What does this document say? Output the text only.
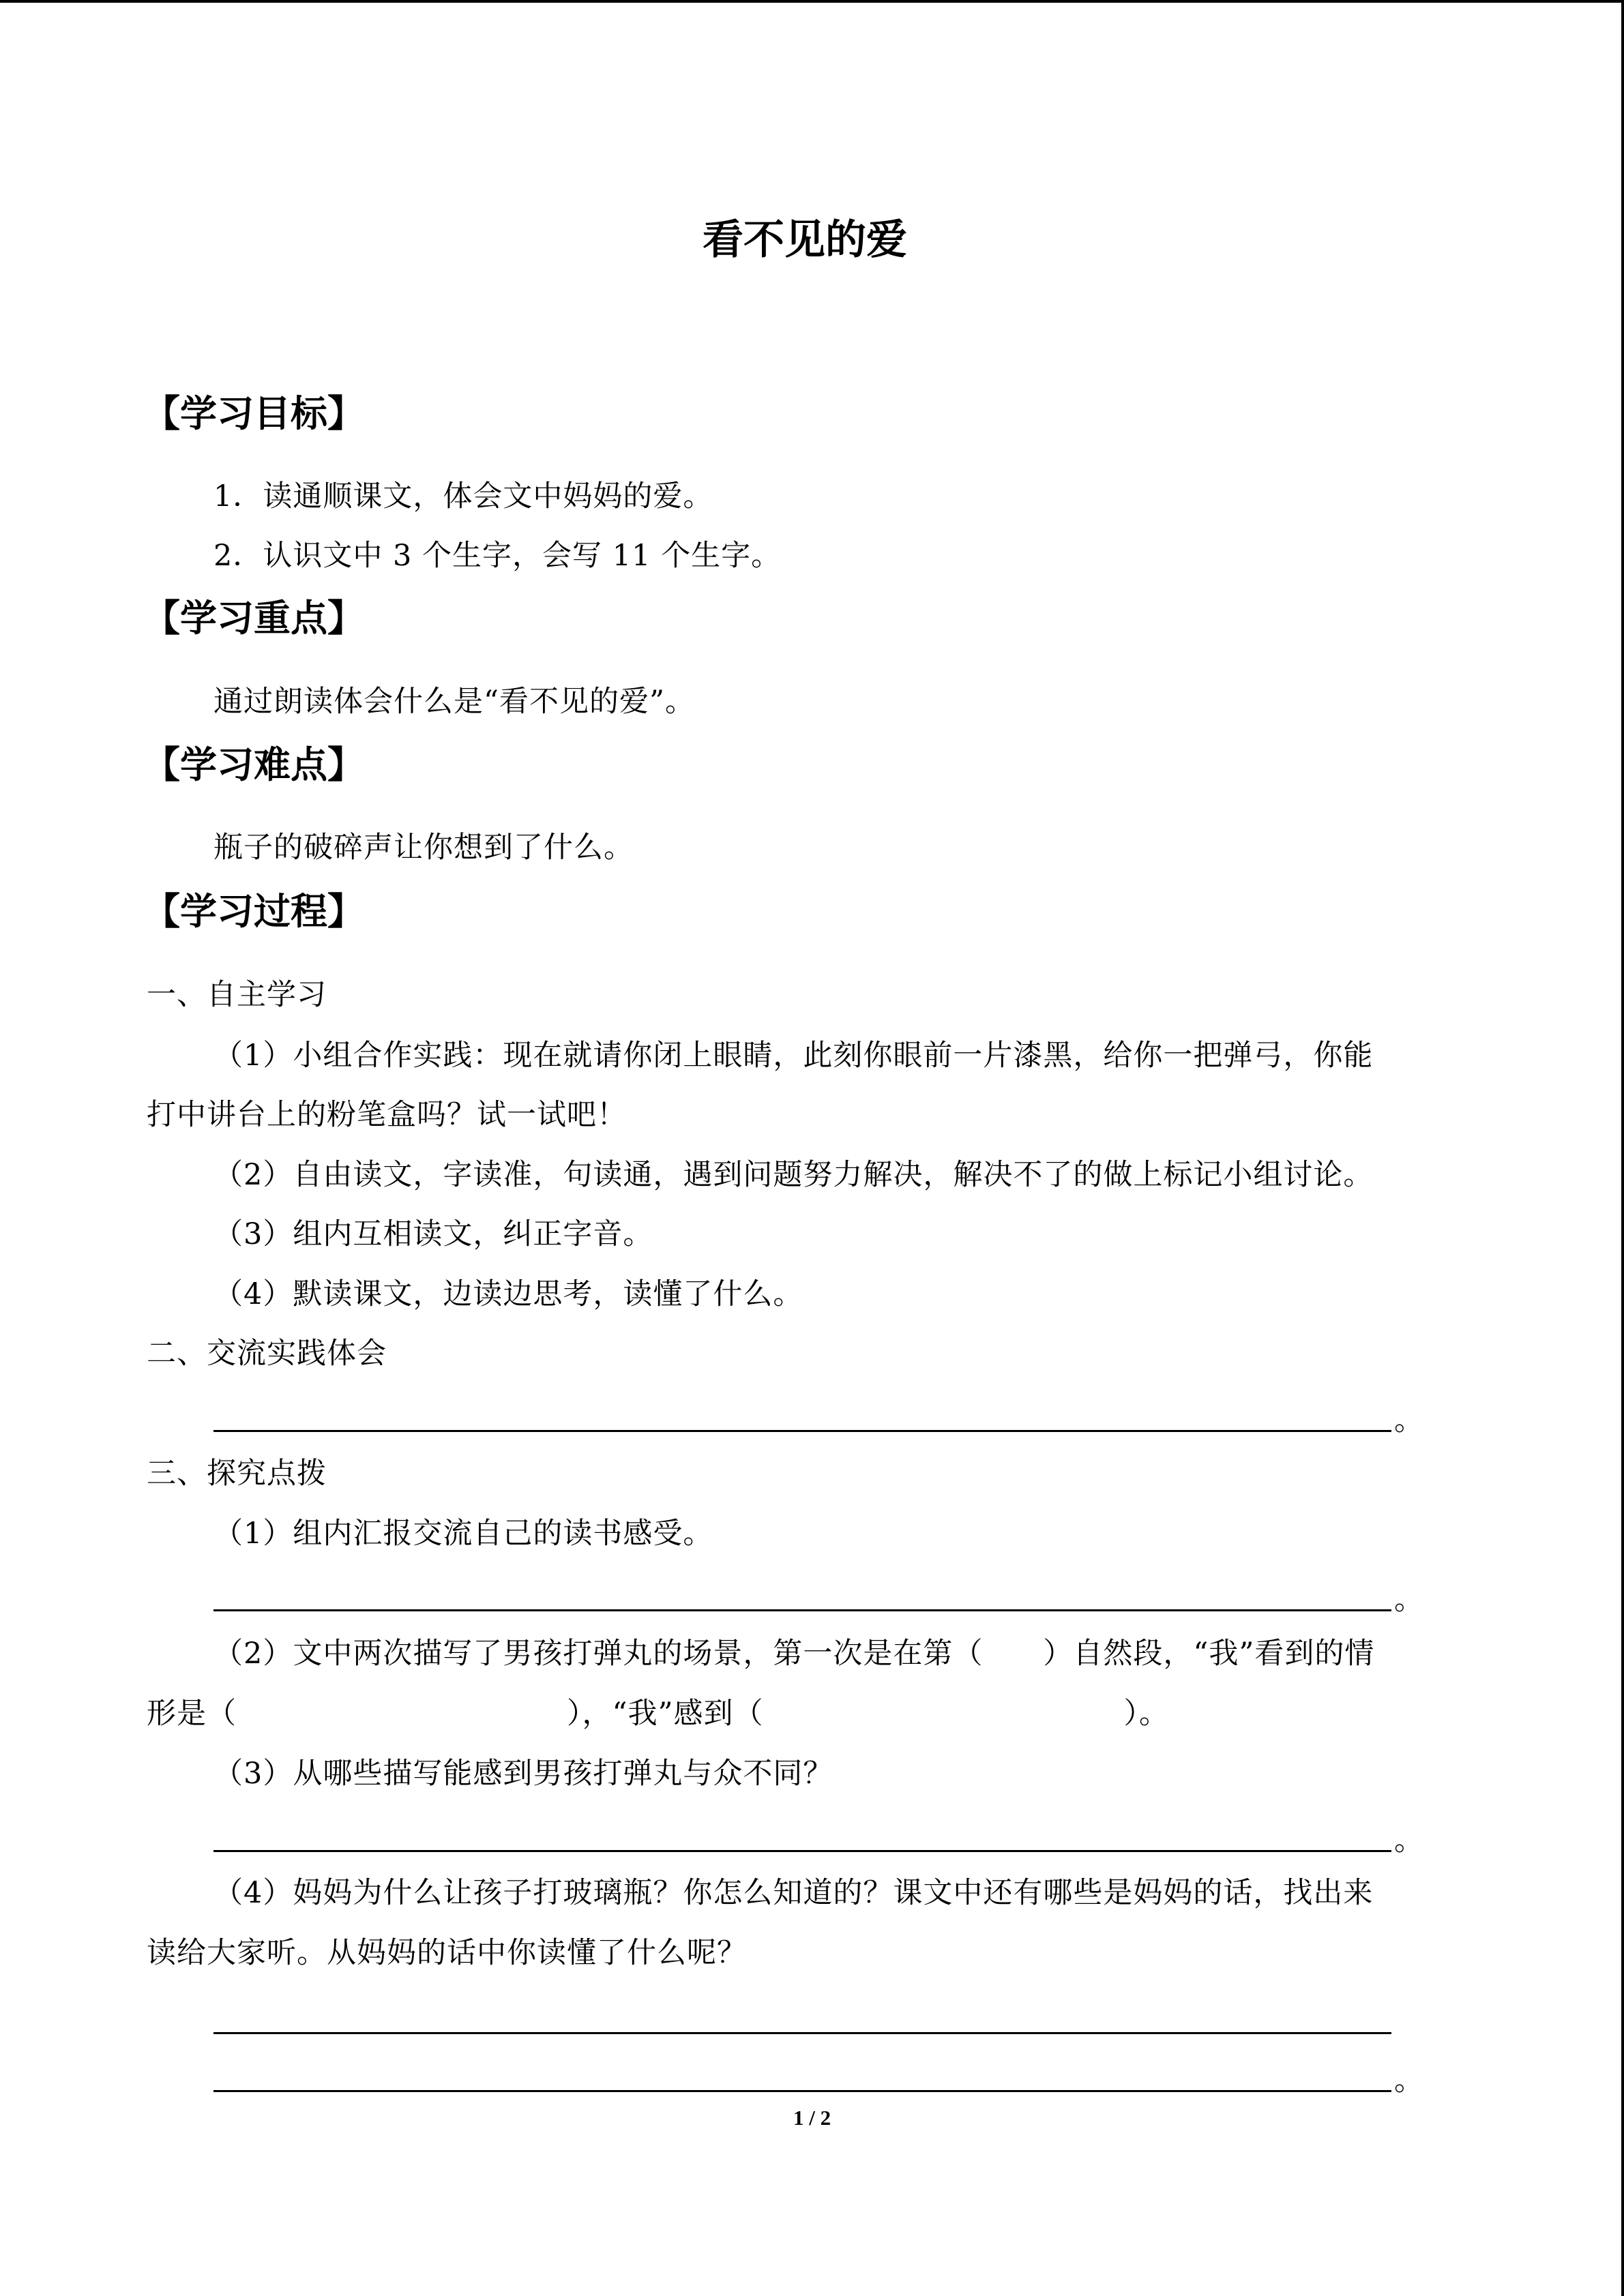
看不见的爱
【学习目标】
1．读通顺课文，体会文中妈妈的爱。
2．认识文中 3 个生字，会写 11 个生字。
【学习重点】
通过朗读体会什么是“看不见的爱”。
【学习难点】
瓶子的破碎声让你想到了什么。
【学习过程】
一、自主学习
（1）小组合作实践：现在就请你闭上眼睛，此刻你眼前一片漆黑，给你一把弹弓，你能
打中讲台上的粉笔盒吗？试一试吧！
（2）自由读文，字读准，句读通，遇到问题努力解决，解决不了的做上标记小组讨论。
（3）组内互相读文，纠正字音。
（4）默读课文，边读边思考，读懂了什么。
二、交流实践体会
。
三、探究点拨
（1）组内汇报交流自己的读书感受。
。
（2）文中两次描写了男孩打弹丸的场景，第一次是在第（　　）自然段，“我”看到的情
形是（　　　　　　　　　　　），“我”感到（　　　　　　　　　　　　）。
（3）从哪些描写能感到男孩打弹丸与众不同？
。
（4）妈妈为什么让孩子打玻璃瓶？你怎么知道的？课文中还有哪些是妈妈的话，找出来
读给大家听。从妈妈的话中你读懂了什么呢？
。
1 / 2
